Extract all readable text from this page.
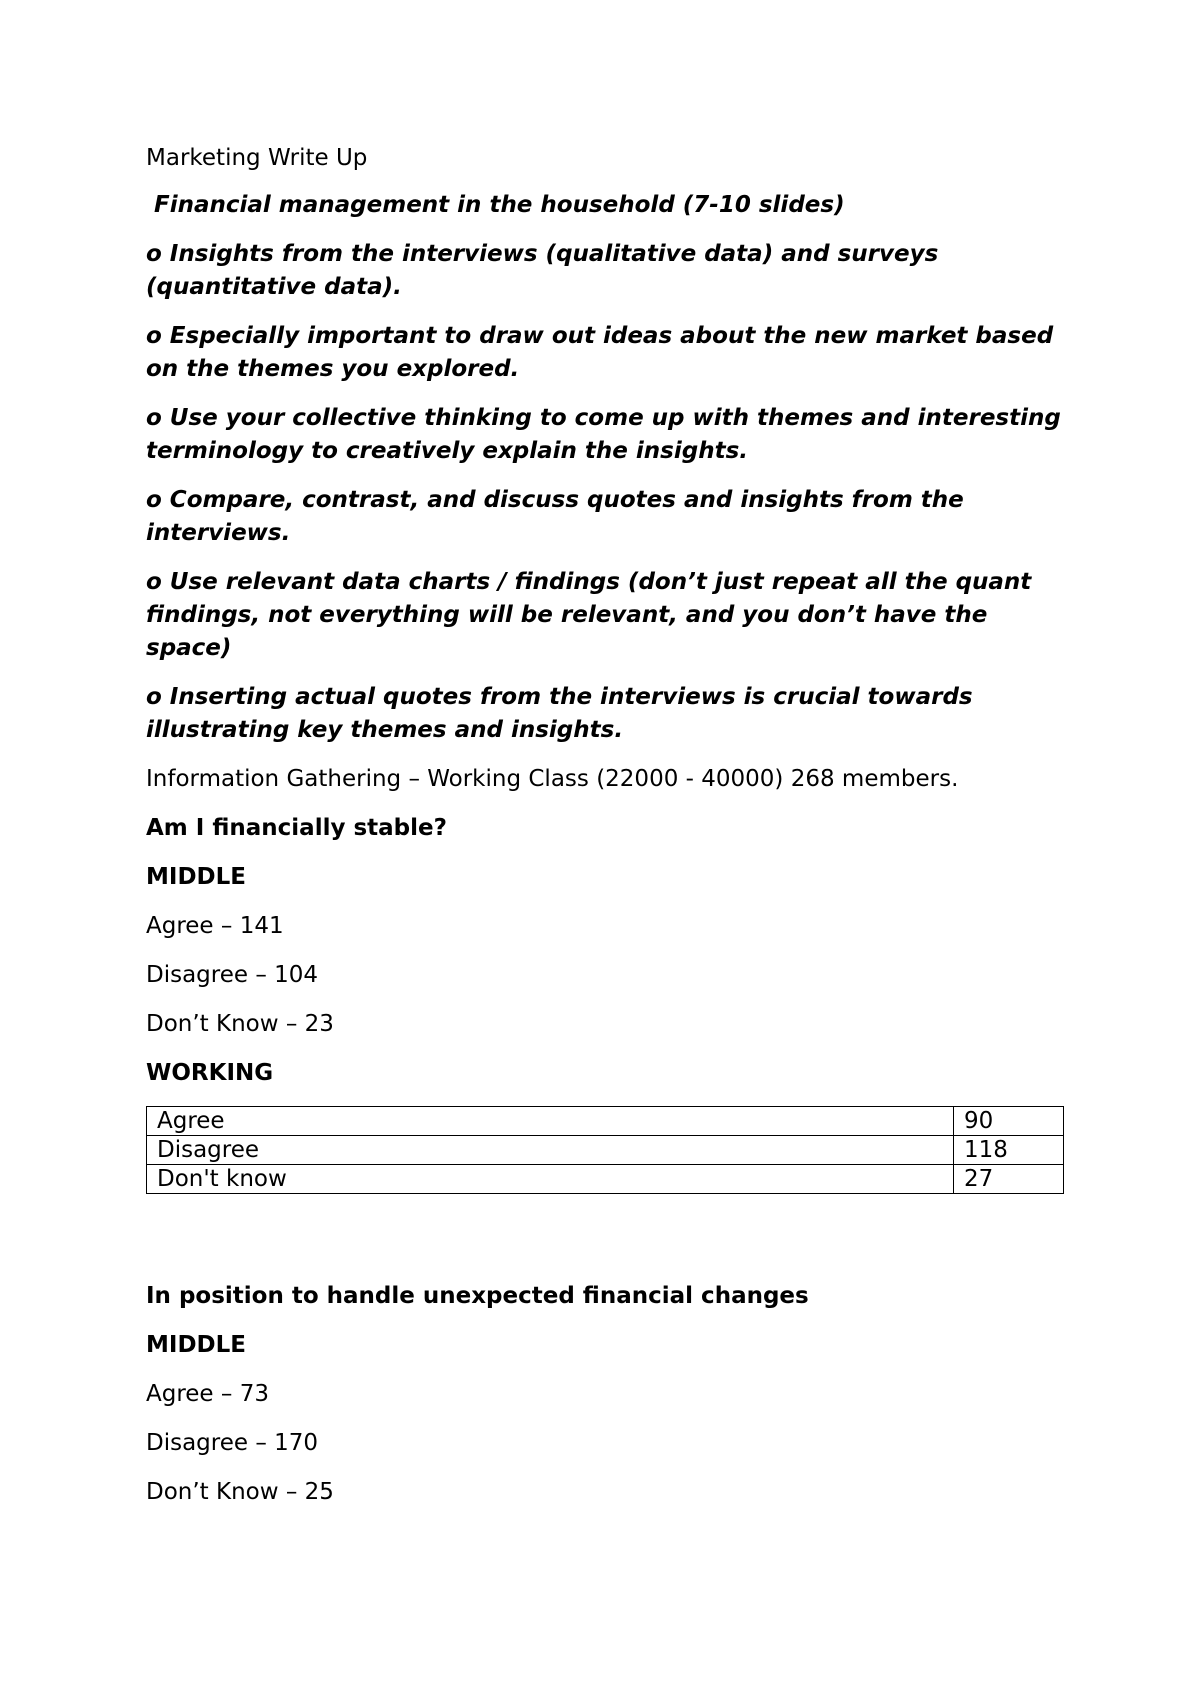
Marketing Write Up

Financial management in the household (7-10 slides)

o Insights from the interviews (qualitative data) and surveys (quantitative data).

o Especially important to draw out ideas about the new market based on the themes you explored.

o Use your collective thinking to come up with themes and interesting terminology to creatively explain the insights.

o Compare, contrast, and discuss quotes and insights from the interviews.

o Use relevant data charts / findings (don’t just repeat all the quant findings, not everything will be relevant, and you don’t have the space)

o Inserting actual quotes from the interviews is crucial towards illustrating key themes and insights.

Information Gathering – Working Class (22000 - 40000) 268 members.

Am I financially stable?

MIDDLE

Agree – 141

Disagree – 104

Don’t Know – 23

WORKING

Agree	90
Disagree	118
Don't know	27

In position to handle unexpected financial changes

MIDDLE

Agree – 73

Disagree – 170

Don’t Know – 25
